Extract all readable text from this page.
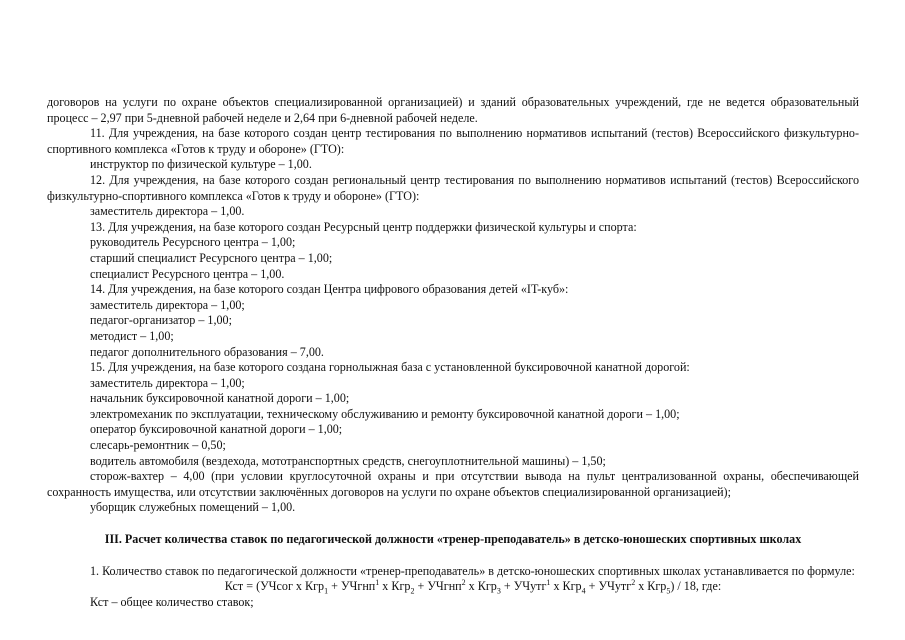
договоров на услуги по охране объектов специализированной организацией) и зданий образовательных учреждений, где не ведется образовательный процесс – 2,97 при 5-дневной рабочей неделе и 2,64 при 6-дневной рабочей неделе.

11. Для учреждения, на базе которого создан центр тестирования по выполнению нормативов испытаний (тестов) Всероссийского физкультурно-спортивного комплекса «Готов к труду и обороне» (ГТО):

инструктор по физической культуре – 1,00.

12. Для учреждения, на базе которого создан региональный центр тестирования по выполнению нормативов испытаний (тестов) Всероссийского физкультурно-спортивного комплекса «Готов к труду и обороне» (ГТО):

заместитель директора – 1,00.

13. Для учреждения, на базе которого создан Ресурсный центр поддержки физической культуры и спорта:

руководитель Ресурсного центра – 1,00;

старший специалист Ресурсного центра – 1,00;

специалист Ресурсного центра – 1,00.

14. Для учреждения, на базе которого создан Центра цифрового образования детей «IT-куб»:

заместитель директора – 1,00;

педагог-организатор – 1,00;

методист – 1,00;

педагог дополнительного образования – 7,00.

15. Для учреждения, на базе которого создана горнолыжная база с установленной буксировочной канатной дорогой:

заместитель директора – 1,00;

начальник буксировочной канатной дороги – 1,00;

электромеханик по эксплуатации, техническому обслуживанию и ремонту буксировочной канатной дороги – 1,00;

оператор буксировочной канатной дороги – 1,00;

слесарь-ремонтник – 0,50;

водитель автомобиля (вездехода, мототранспортных средств, снегоуплотнительной машины) – 1,50;

сторож-вахтер – 4,00 (при условии круглосуточной охраны и при отсутствии вывода на пульт централизованной охраны, обеспечивающей сохранность имущества, или отсутствии заключённых договоров на услуги по охране объектов специализированной организацией);

уборщик служебных помещений – 1,00.

III. Расчет количества ставок по педагогической должности «тренер-преподаватель» в детско-юношеских спортивных школах

1. Количество ставок по педагогической должности «тренер-преподаватель» в детско-юношеских спортивных школах устанавливается по формуле:

Кст = (УЧсог х Кгр$_1$ + УЧгнп$^1$ х Кгр$_2$ + УЧгнп$^2$ х Кгр$_3$ + УЧутг$^1$ х Кгр$_4$ + УЧутг$^2$ х Кгр$_5$) / 18, где:

Кст – общее количество ставок;
